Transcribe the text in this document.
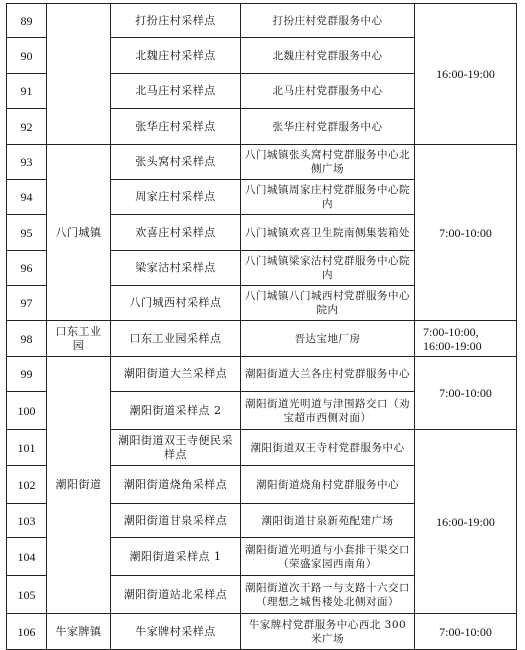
89		打扮庄村采样点	打扮庄村党群服务中心	16:00-19:00
90		北魏庄村采样点	北魏庄村党群服务中心	
91		北马庄村采样点	北马庄村党群服务中心	
92		张华庄村采样点	张华庄村党群服务中心	
93	八门城镇	张头窝村采样点	八门城镇张头窝村党群服务中心北侧广场	7:00-10:00
94		周家庄村采样点	八门城镇周家庄村党群服务中心院内	
95		欢喜庄村采样点	八门城镇欢喜卫生院南侧集装箱处	
96		梁家沽村采样点	八门城镇梁家沽村党群服务中心院内	
97		八门城西村采样点	八门城镇八门城西村党群服务中心院内	
98	口东工业园	口东工业园采样点	晋达宝地厂房	7:00-10:00,
16:00-19:00
99	潮阳街道	潮阳街道大兰采样点	潮阳街道大兰各庄村党群服务中心	7:00-10:00
100		潮阳街道采样点 2	潮阳街道光明道与津围路交口（劝宝超市西侧对面）	
101		潮阳街道双王寺便民采样点	潮阳街道双王寺村党群服务中心	16:00-19:00
102		潮阳街道烧角采样点	潮阳街道烧角村党群服务中心	
103		潮阳街道甘泉采样点	潮阳街道甘泉新苑配建广场	
104		潮阳街道采样点 1	潮阳街道光明道与小套排干渠交口（荣盛家园西南角）	
105		潮阳街道站北采样点	潮阳街道次干路一与支路十六交口（理想之城售楼处北侧对面）	
106	牛家牌镇	牛家牌村采样点	牛家牌村党群服务中心西北 300 米广场	7:00-10:00
